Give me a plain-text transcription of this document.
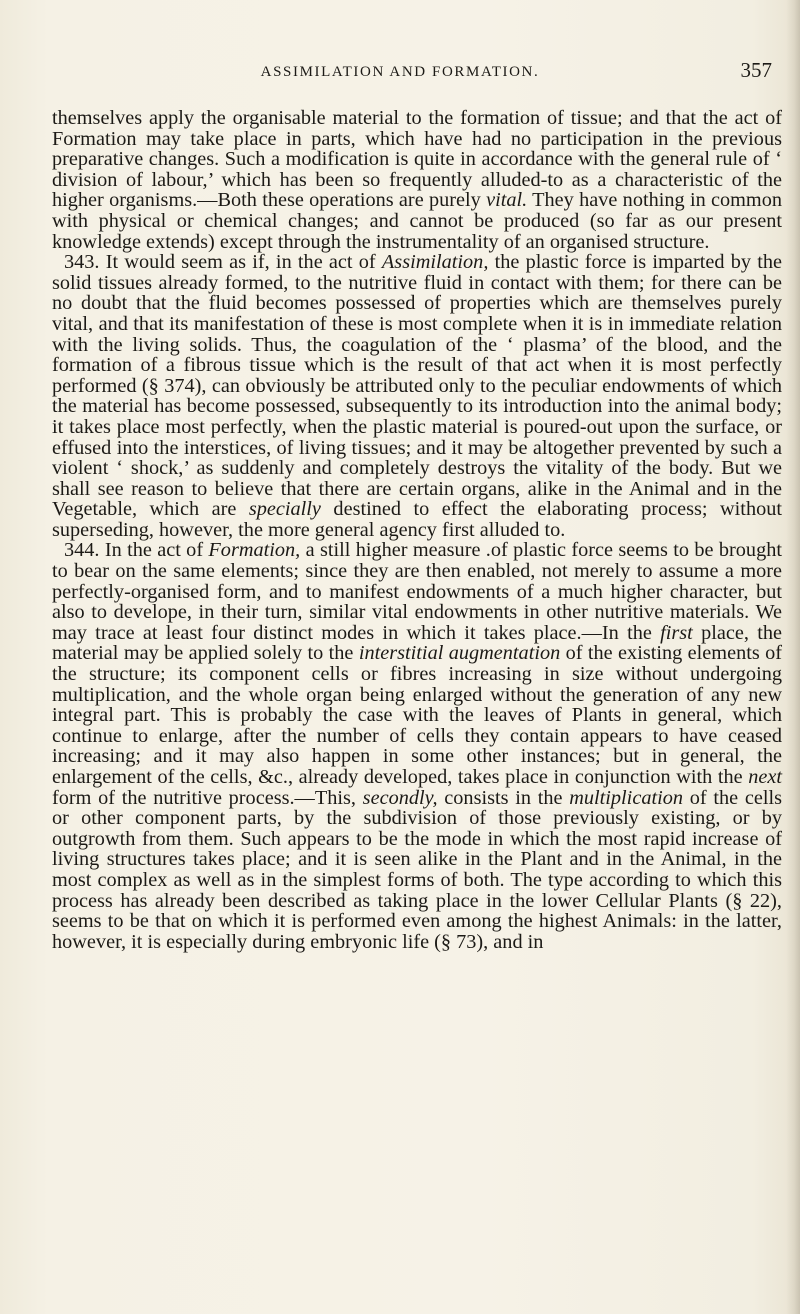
ASSIMILATION AND FORMATION.	357

themselves apply the organisable material to the formation of tissue; and that the act of Formation may take place in parts, which have had no participation in the previous preparative changes. Such a modification is quite in accordance with the general rule of ‘ division of labour,’ which has been so frequently alluded-to as a characteristic of the higher organisms.—Both these operations are purely vital. They have nothing in common with physical or chemical changes; and cannot be produced (so far as our present knowledge extends) except through the instrumentality of an organised structure.

343. It would seem as if, in the act of Assimilation, the plastic force is imparted by the solid tissues already formed, to the nutritive fluid in contact with them; for there can be no doubt that the fluid becomes possessed of properties which are themselves purely vital, and that its manifestation of these is most complete when it is in immediate relation with the living solids. Thus, the coagulation of the ‘ plasma’ of the blood, and the formation of a fibrous tissue which is the result of that act when it is most perfectly performed (§ 374), can obviously be attributed only to the peculiar endowments of which the material has become possessed, subsequently to its introduction into the animal body; it takes place most perfectly, when the plastic material is poured-out upon the surface, or effused into the interstices, of living tissues; and it may be altogether prevented by such a violent ‘ shock,’ as suddenly and completely destroys the vitality of the body. But we shall see reason to believe that there are certain organs, alike in the Animal and in the Vegetable, which are specially destined to effect the elaborating process; without superseding, however, the more general agency first alluded to.

344. In the act of Formation, a still higher measure .of plastic force seems to be brought to bear on the same elements; since they are then enabled, not merely to assume a more perfectly-organised form, and to manifest endowments of a much higher character, but also to develope, in their turn, similar vital endowments in other nutritive materials. We may trace at least four distinct modes in which it takes place.—In the first place, the material may be applied solely to the interstitial augmentation of the existing elements of the structure; its component cells or fibres increasing in size without undergoing multiplication, and the whole organ being enlarged without the generation of any new integral part. This is probably the case with the leaves of Plants in general, which continue to enlarge, after the number of cells they contain appears to have ceased increasing; and it may also happen in some other instances; but in general, the enlargement of the cells, &c., already developed, takes place in conjunction with the next form of the nutritive process.—This, secondly, consists in the multiplication of the cells or other component parts, by the subdivision of those previously existing, or by outgrowth from them. Such appears to be the mode in which the most rapid increase of living structures takes place; and it is seen alike in the Plant and in the Animal, in the most complex as well as in the simplest forms of both. The type according to which this process has already been described as taking place in the lower Cellular Plants (§ 22), seems to be that on which it is performed even among the highest Animals: in the latter, however, it is especially during embryonic life (§ 73), and in
